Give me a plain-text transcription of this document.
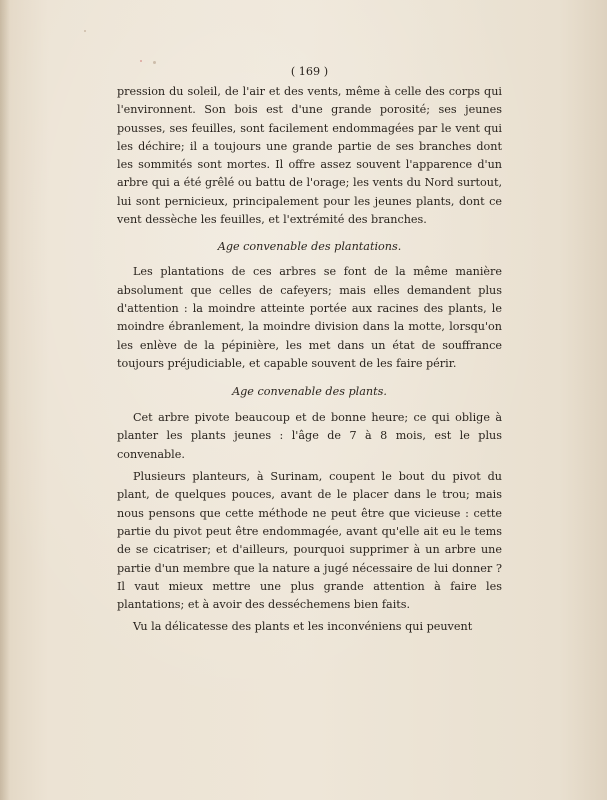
( 169 )

pression du soleil, de l'air et des vents, même à celle des corps qui l'environnent. Son bois est d'une grande porosité; ses jeunes pousses, ses feuilles, sont facilement endommagées par le vent qui les déchire; il a toujours une grande partie de ses branches dont les sommités sont mortes. Il offre assez souvent l'apparence d'un arbre qui a été grêlé ou battu de l'orage; les vents du Nord surtout, lui sont pernicieux, principalement pour les jeunes plants, dont ce vent dessèche les feuilles, et l'extrémité des branches.

Age convenable des plantations.

Les plantations de ces arbres se font de la même manière absolument que celles de cafeyers; mais elles demandent plus d'attention : la moindre atteinte portée aux racines des plants, le moindre ébranlement, la moindre division dans la motte, lorsqu'on les enlève de la pépinière, les met dans un état de souffrance toujours préjudiciable, et capable souvent de les faire périr.

Age convenable des plants.

Cet arbre pivote beaucoup et de bonne heure; ce qui oblige à planter les plants jeunes : l'âge de 7 à 8 mois, est le plus convenable.

Plusieurs planteurs, à Surinam, coupent le bout du pivot du plant, de quelques pouces, avant de le placer dans le trou; mais nous pensons que cette méthode ne peut être que vicieuse : cette partie du pivot peut être endommagée, avant qu'elle ait eu le tems de se cicatriser; et d'ailleurs, pourquoi supprimer à un arbre une partie d'un membre que la nature a jugé nécessaire de lui donner ? Il vaut mieux mettre une plus grande attention à faire les plantations; et à avoir des desséchemens bien faits.

Vu la délicatesse des plants et les inconvéniens qui peuvent
